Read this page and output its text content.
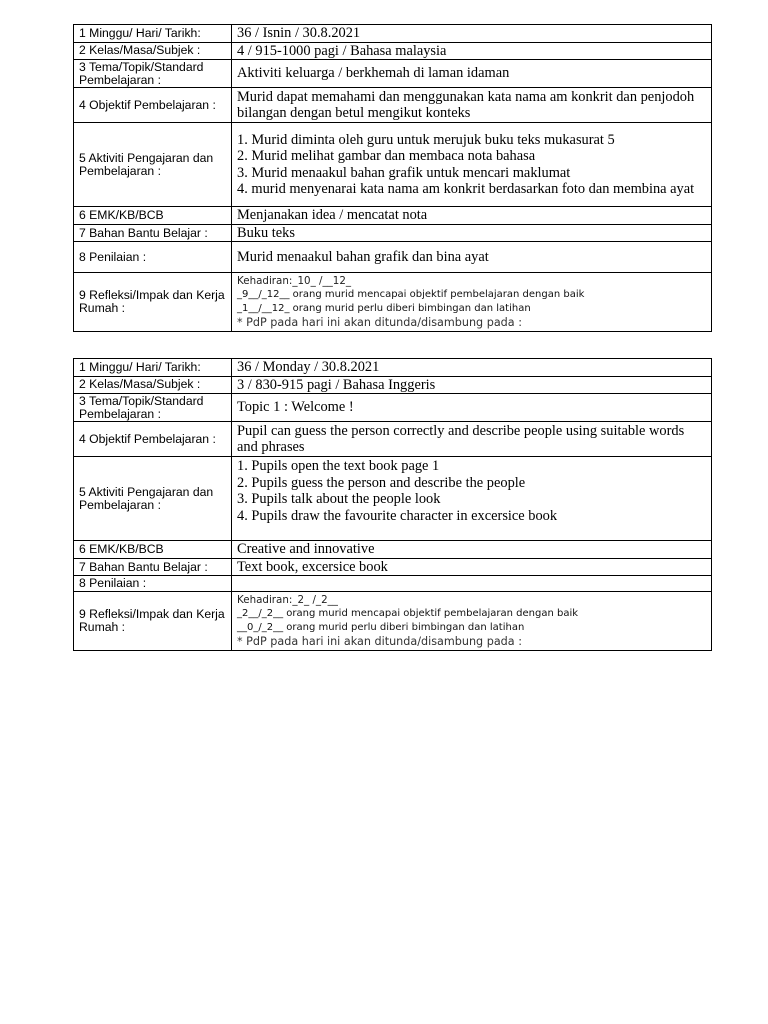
1 Minggu/ Hari/ Tarikh:	36 / Isnin / 30.8.2021
2 Kelas/Masa/Subjek :	4 / 915-1000 pagi / Bahasa malaysia
3 Tema/Topik/Standard Pembelajaran :	Aktiviti keluarga / berkhemah di laman idaman
4 Objektif Pembelajaran :	Murid dapat memahami dan menggunakan kata nama am konkrit dan penjodoh bilangan dengan betul mengikut konteks
5 Aktiviti Pengajaran dan Pembelajaran :	1. Murid diminta oleh guru untuk merujuk buku teks mukasurat 5
2. Murid melihat gambar dan membaca nota bahasa
3. Murid menaakul bahan grafik untuk mencari maklumat
4. murid menyenarai kata nama am konkrit berdasarkan foto dan membina ayat

6 EMK/KB/BCB	Menjanakan idea / mencatat nota
7 Bahan Bantu Belajar :	Buku teks
8 Penilaian :	Murid menaakul bahan grafik dan bina ayat
9 Refleksi/Impak dan Kerja Rumah :	Kehadiran:_10_ /__12_
_9__/_12__ orang murid mencapai objektif pembelajaran dengan baik
_1__/__12_ orang murid perlu diberi bimbingan dan latihan
* PdP pada hari ini akan ditunda/disambung pada :
1 Minggu/ Hari/ Tarikh:	36 / Monday / 30.8.2021
2 Kelas/Masa/Subjek :	3 / 830-915 pagi / Bahasa Inggeris
3 Tema/Topik/Standard Pembelajaran :	Topic 1 : Welcome !
4 Objektif Pembelajaran :	Pupil can guess the person correctly and describe people using suitable words and phrases
5 Aktiviti Pengajaran dan Pembelajaran :	1. Pupils open the text book page 1
2. Pupils guess the person and describe the people
3. Pupils talk about the people look
4. Pupils draw the favourite character in excersice book

6 EMK/KB/BCB	Creative and innovative
7 Bahan Bantu Belajar :	Text book, excersice book
8 Penilaian :	
9 Refleksi/Impak dan Kerja Rumah :	Kehadiran:_2_ /_2__
_2__/_2__ orang murid mencapai objektif pembelajaran dengan baik
__0_/_2__ orang murid perlu diberi bimbingan dan latihan
* PdP pada hari ini akan ditunda/disambung pada :
